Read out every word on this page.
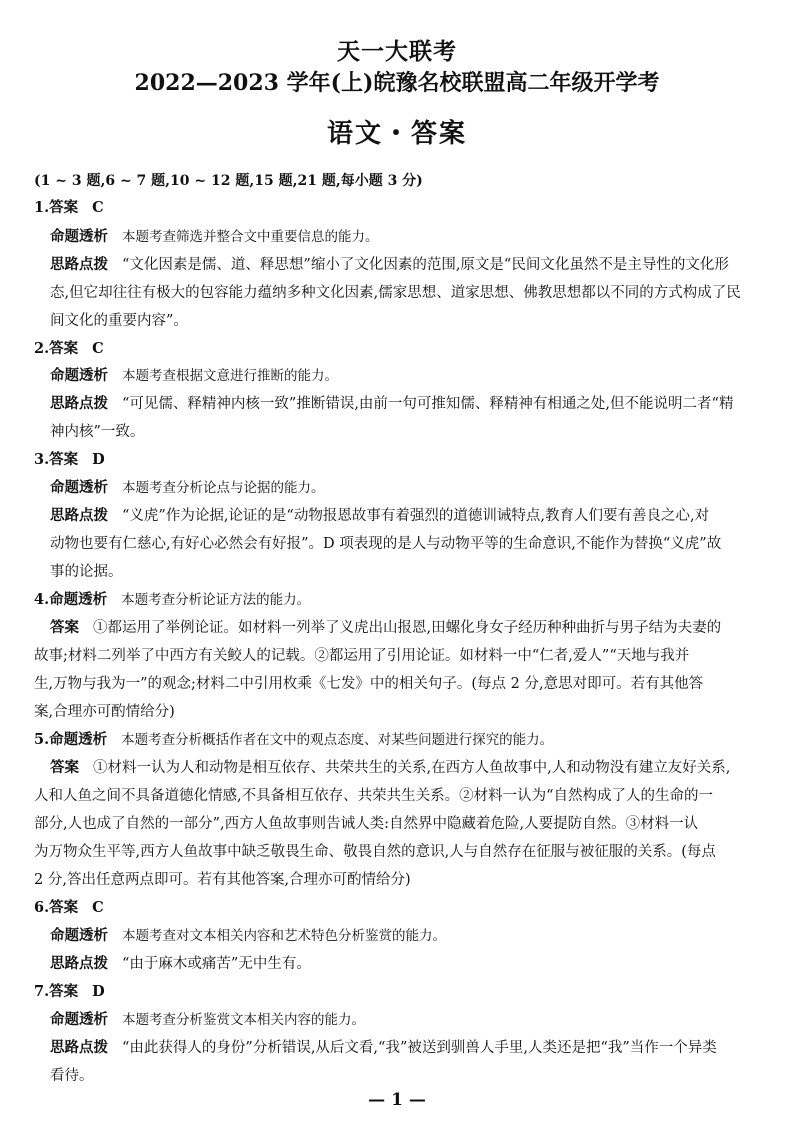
天一大联考
2022—2023 学年(上)皖豫名校联盟高二年级开学考
语文・答案
(1 ~ 3 题,6 ~ 7 题,10 ~ 12 题,15 题,21 题,每小题 3 分)
1.答案 C
命题透析 本题考查筛选并整合文中重要信息的能力。
思路点拨 “文化因素是儒、道、释思想”缩小了文化因素的范围,原文是“民间文化虽然不是主导性的文化形
态,但它却往往有极大的包容能力蕴纳多种文化因素,儒家思想、道家思想、佛教思想都以不同的方式构成了民
间文化的重要内容”。
2.答案 C
命题透析 本题考查根据文意进行推断的能力。
思路点拨 “可见儒、释精神内核一致”推断错误,由前一句可推知儒、释精神有相通之处,但不能说明二者“精
神内核”一致。
3.答案 D
命题透析 本题考查分析论点与论据的能力。
思路点拨 “义虎”作为论据,论证的是“动物报恩故事有着强烈的道德训诫特点,教育人们要有善良之心,对
动物也要有仁慈心,有好心必然会有好报”。D 项表现的是人与动物平等的生命意识,不能作为替换“义虎”故
事的论据。
4.命题透析 本题考查分析论证方法的能力。
答案 ①都运用了举例论证。如材料一列举了义虎出山报恩,田螺化身女子经历种种曲折与男子结为夫妻的
故事;材料二列举了中西方有关鲛人的记载。②都运用了引用论证。如材料一中“仁者,爱人”“天地与我并
生,万物与我为一”的观念;材料二中引用枚乘《七发》中的相关句子。(每点 2 分,意思对即可。若有其他答
案,合理亦可酌情给分)
5.命题透析 本题考查分析概括作者在文中的观点态度、对某些问题进行探究的能力。
答案 ①材料一认为人和动物是相互依存、共荣共生的关系,在西方人鱼故事中,人和动物没有建立友好关系,
人和人鱼之间不具备道德化情感,不具备相互依存、共荣共生关系。②材料一认为“自然构成了人的生命的一
部分,人也成了自然的一部分”,西方人鱼故事则告诫人类:自然界中隐藏着危险,人要提防自然。③材料一认
为万物众生平等,西方人鱼故事中缺乏敬畏生命、敬畏自然的意识,人与自然存在征服与被征服的关系。(每点
2 分,答出任意两点即可。若有其他答案,合理亦可酌情给分)
6.答案 C
命题透析 本题考查对文本相关内容和艺术特色分析鉴赏的能力。
思路点拨 “由于麻木或痛苦”无中生有。
7.答案 D
命题透析 本题考查分析鉴赏文本相关内容的能力。
思路点拨 “由此获得人的身份”分析错误,从后文看,“我”被送到驯兽人手里,人类还是把“我”当作一个异类
看待。
— 1 —
